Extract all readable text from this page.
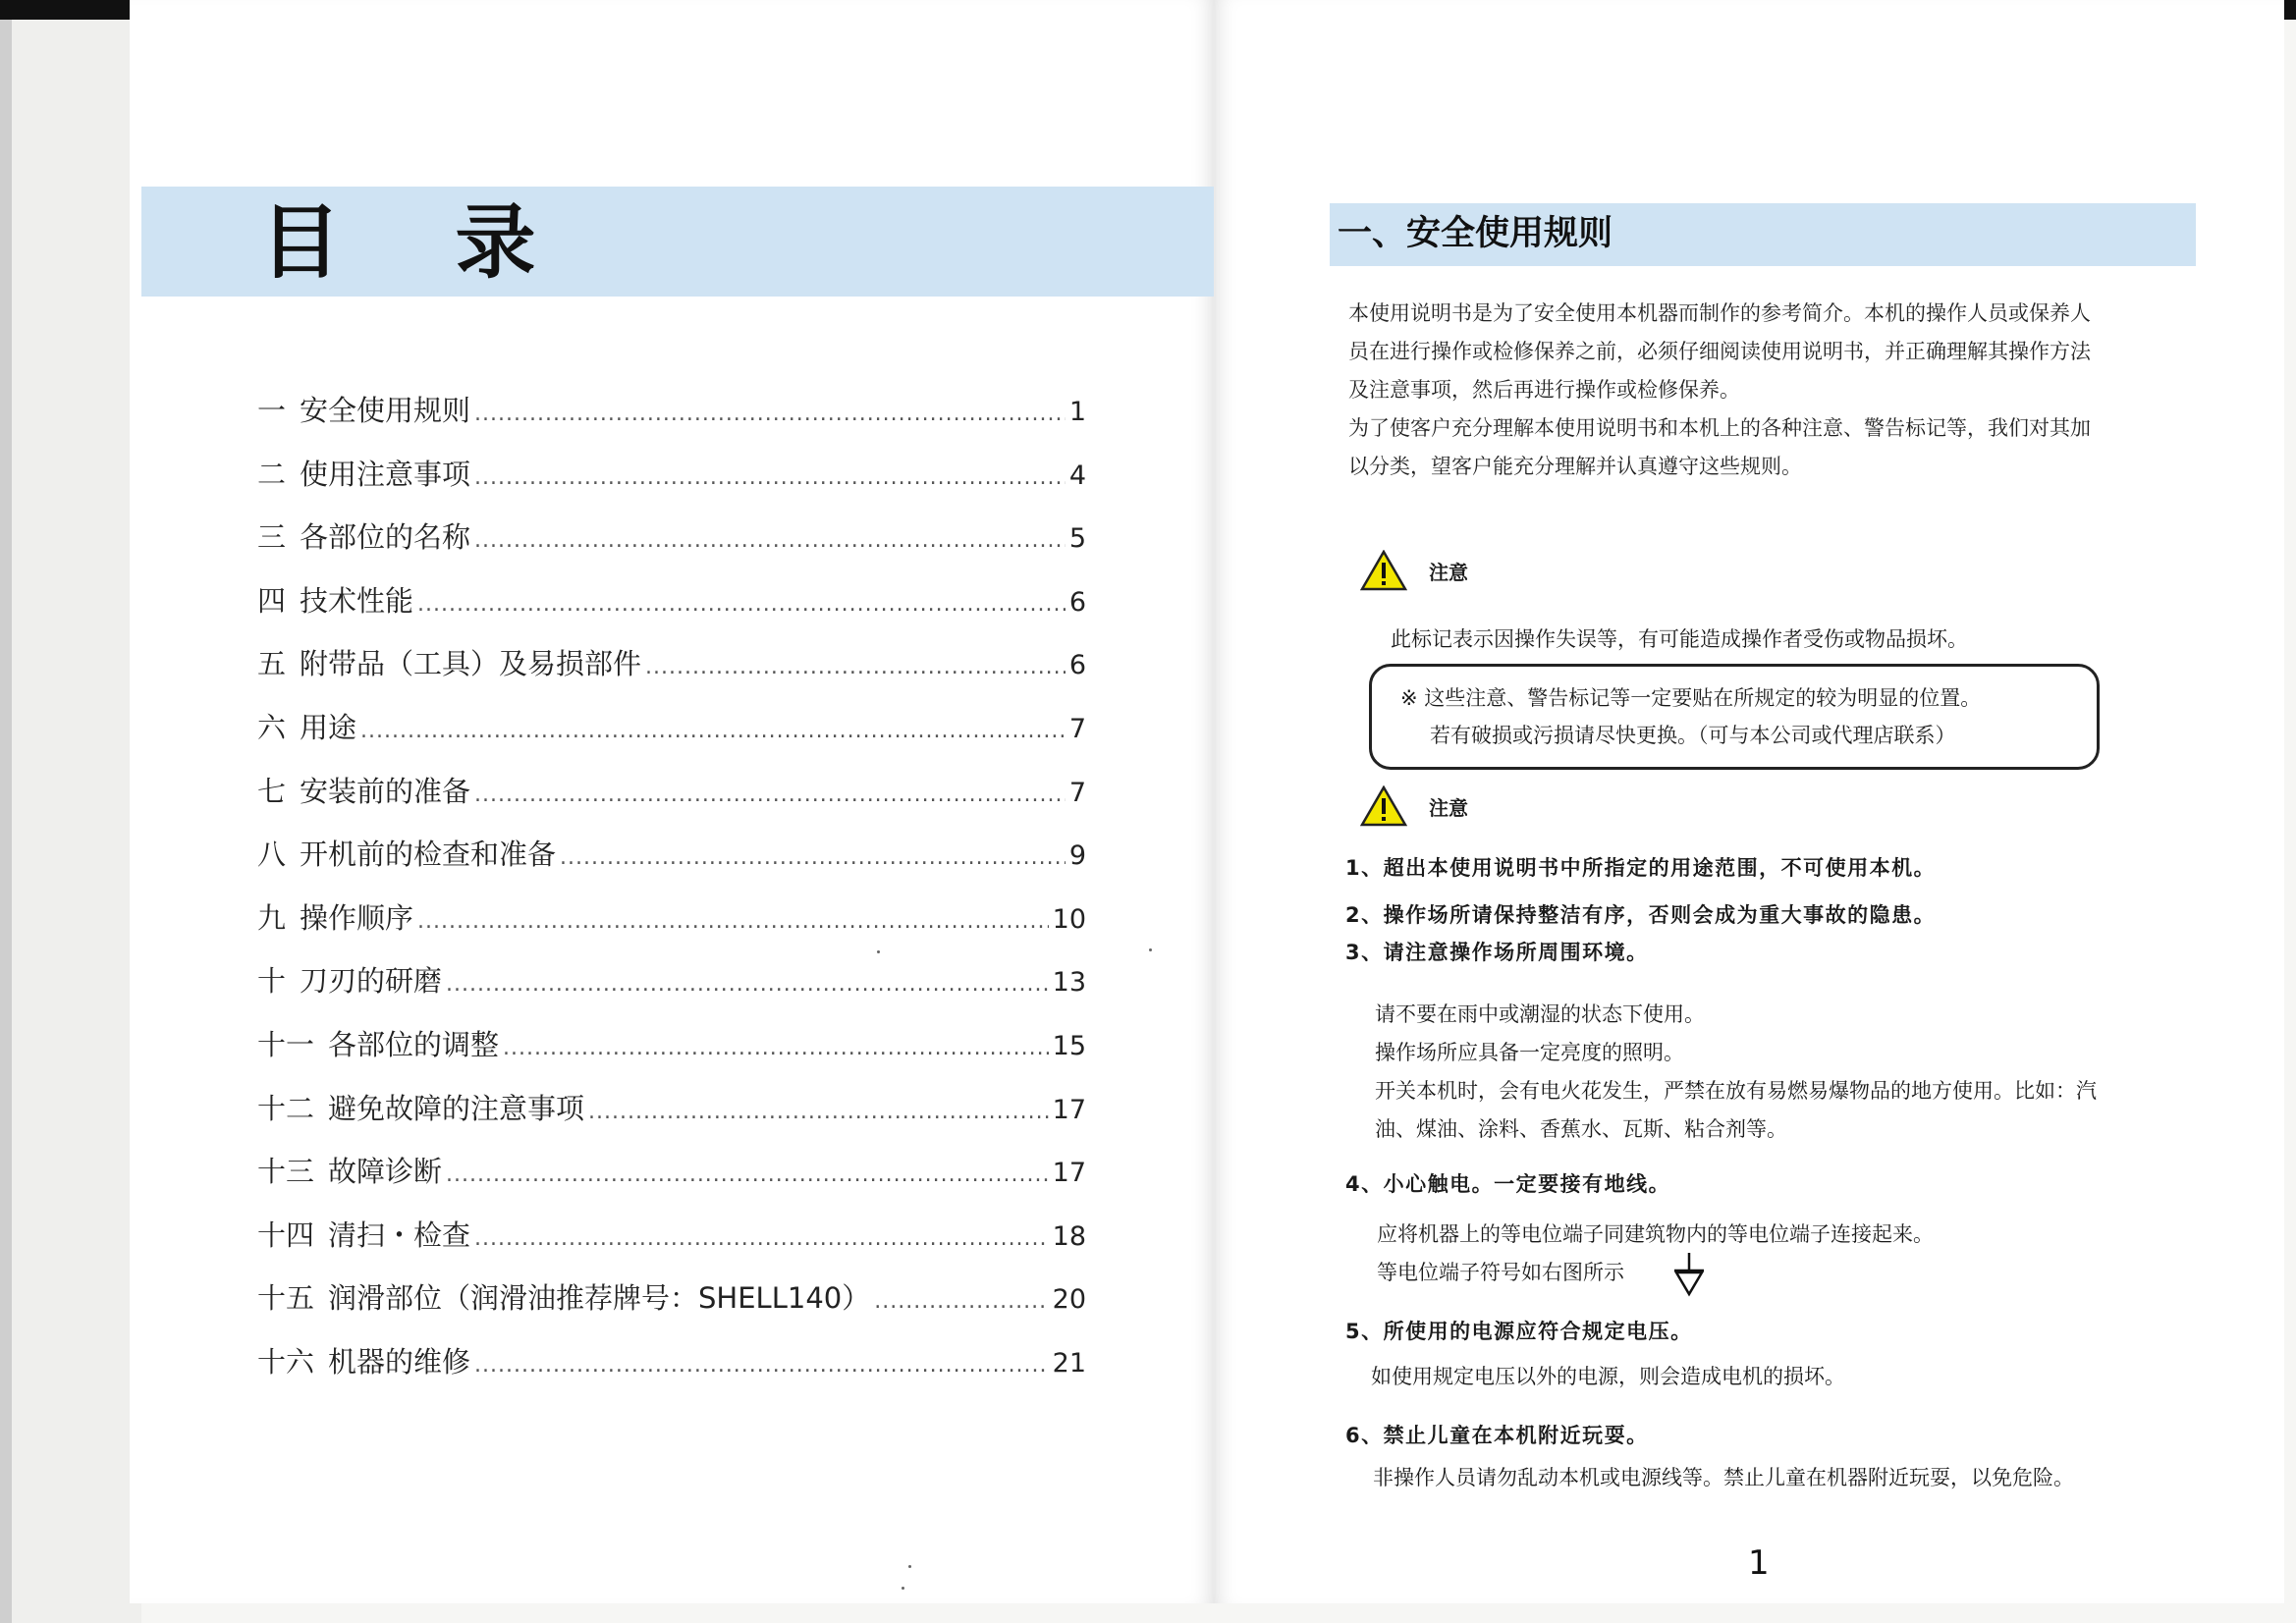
目 录
一 安全使用规则 .....	1
二 使用注意事项 .....	4
三 各部位的名称 .....	5
四 技术性能 .....	6
五 附带品（工具）及易损部件 .....	6
六 用途 .....	7
七 安装前的准备 .....	7
八 开机前的检查和准备 .....	9
九 操作顺序 .....	10
十 刀刃的研磨 .....	13
十一 各部位的调整 .....	15
十二 避免故障的注意事项 .....	17
十三 故障诊断 .....	17
十四 清扫・检查 .....	18
十五 润滑部位（润滑油推荐牌号：SHELL140） .....	20
十六 机器的维修 .....	21
一、安全使用规则

本使用说明书是为了安全使用本机器而制作的参考简介。本机的操作人员或保养人

员在进行操作或检修保养之前，必须仔细阅读使用说明书，并正确理解其操作方法

及注意事项，然后再进行操作或检修保养。

为了使客户充分理解本使用说明书和本机上的各种注意、警告标记等，我们对其加

以分类，望客户能充分理解并认真遵守这些规则。

注意
此标记表示因操作失误等，有可能造成操作者受伤或物品损坏。
※ 这些注意、警告标记等一定要贴在所规定的较为明显的位置。
若有破损或污损请尽快更换。（可与本公司或代理店联系）
注意
1、超出本使用说明书中所指定的用途范围，不可使用本机。
2、操作场所请保持整洁有序，否则会成为重大事故的隐患。
3、请注意操作场所周围环境。
请不要在雨中或潮湿的状态下使用。
操作场所应具备一定亮度的照明。
开关本机时，会有电火花发生，严禁在放有易燃易爆物品的地方使用。比如：汽
油、煤油、涂料、香蕉水、瓦斯、粘合剂等。
4、小心触电。一定要接有地线。
应将机器上的等电位端子同建筑物内的等电位端子连接起来。
等电位端子符号如右图所示
5、所使用的电源应符合规定电压。
如使用规定电压以外的电源，则会造成电机的损坏。
6、禁止儿童在本机附近玩耍。
非操作人员请勿乱动本机或电源线等。禁止儿童在机器附近玩耍，以免危险。
1
